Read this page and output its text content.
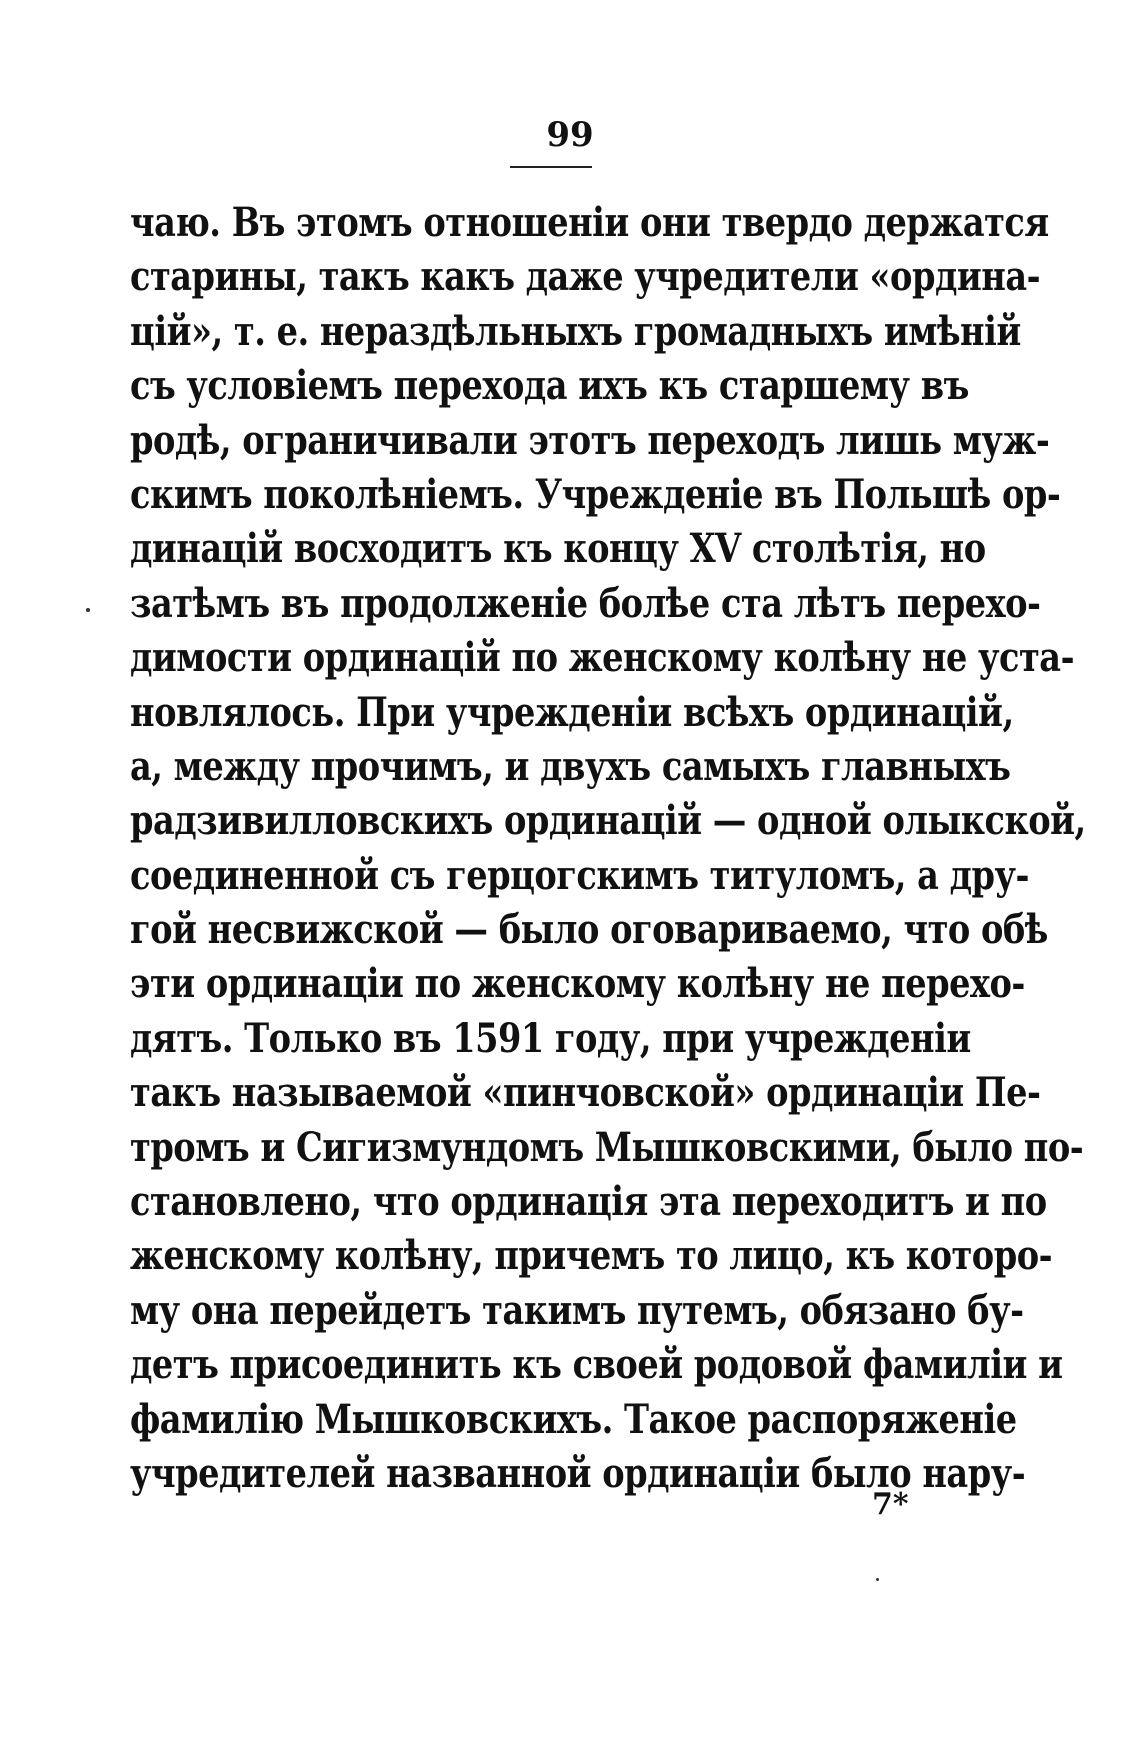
99
чаю. Въ этомъ отношеніи они твердо держатся
старины, такъ какъ даже учредители «ордина-
цій», т. е. нераздѣльныхъ громадныхъ имѣній
съ условіемъ перехода ихъ къ старшему въ
родѣ, ограничивали этотъ переходъ лишь муж-
скимъ поколѣніемъ. Учрежденіе въ Польшѣ ор-
динацій восходитъ къ концу XV столѣтія, но
затѣмъ въ продолженіе болѣе ста лѣтъ перехо-
димости ординацій по женскому колѣну не уста-
новлялось. При учрежденіи всѣхъ ординацій,
а, между прочимъ, и двухъ самыхъ главныхъ
радзивилловскихъ ординацій — одной олыкской,
соединенной съ герцогскимъ титуломъ, а дру-
гой несвижской — было оговариваемо, что обѣ
эти ординаціи по женскому колѣну не перехо-
дятъ. Только въ 1591 году, при учрежденіи
такъ называемой «пинчовской» ординаціи Пе-
тромъ и Сигизмундомъ Мышковскими, было по-
становлено, что ординація эта переходитъ и по
женскому колѣну, причемъ то лицо, къ которо-
му она перейдетъ такимъ путемъ, обязано бу-
детъ присоединить къ своей родовой фамиліи и
фамилію Мышковскихъ. Такое распоряженіе
учредителей названной ординаціи было нару-
7*
